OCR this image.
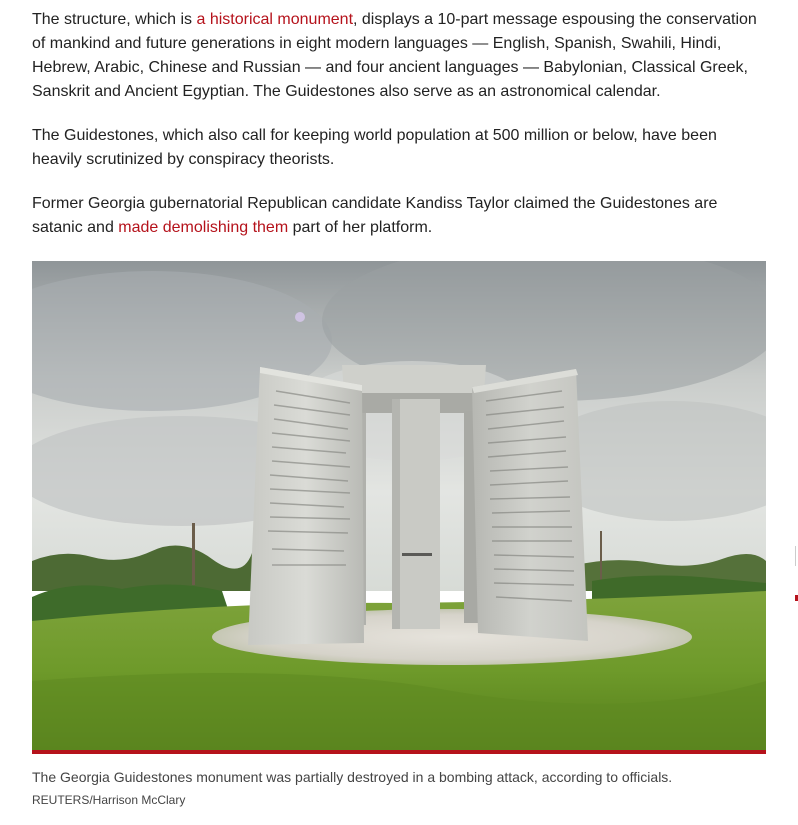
The structure, which is a historical monument, displays a 10-part message espousing the conservation of mankind and future generations in eight modern languages — English, Spanish, Swahili, Hindi, Hebrew, Arabic, Chinese and Russian — and four ancient languages — Babylonian, Classical Greek, Sanskrit and Ancient Egyptian. The Guidestones also serve as an astronomical calendar.

The Guidestones, which also call for keeping world population at 500 million or below, have been heavily scrutinized by conspiracy theorists.

Former Georgia gubernatorial Republican candidate Kandiss Taylor claimed the Guidestones are satanic and made demolishing them part of her platform.

The Georgia Guidestones monument was partially destroyed in a bombing attack, according to officials.
REUTERS/Harrison McClary
